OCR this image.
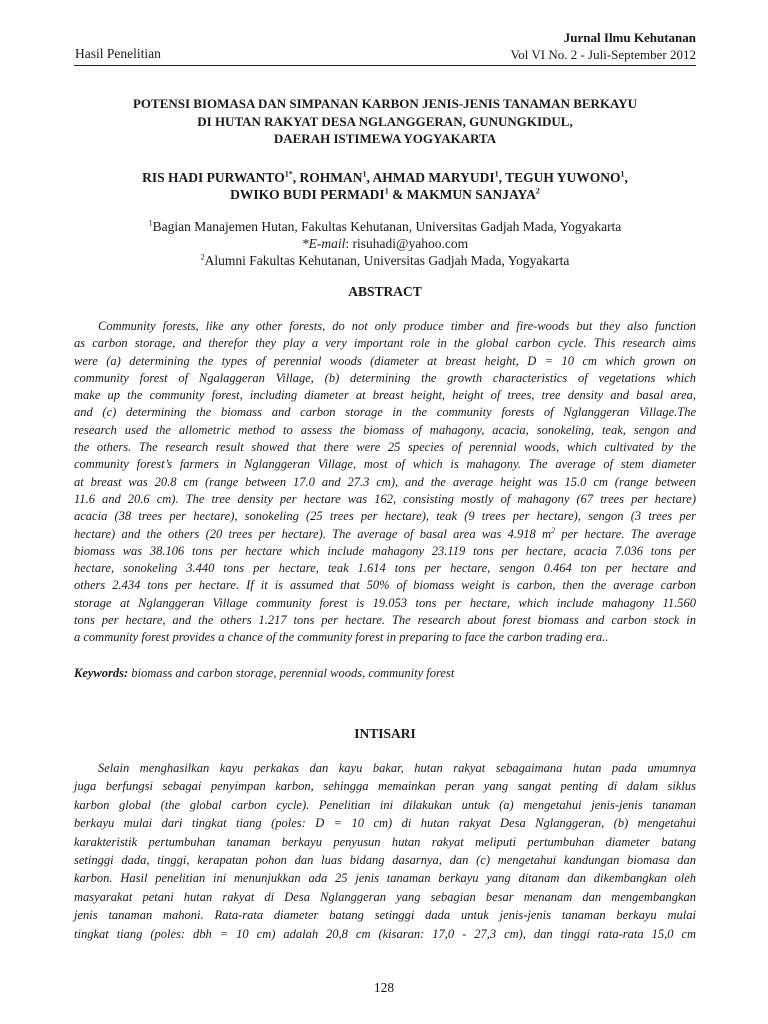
Hasil Penelitian
Jurnal Ilmu Kehutanan
Vol VI No. 2 - Juli-September 2012
POTENSI BIOMASA DAN SIMPANAN KARBON JENIS-JENIS TANAMAN BERKAYU
DI HUTAN RAKYAT DESA NGLANGGERAN, GUNUNGKIDUL,
DAERAH ISTIMEWA YOGYAKARTA
RIS HADI $PURWANTO^{1*}$, ROHMAN$^1$, AHMAD MARYUDI$^1$, TEGUH YUWONO$^1$,
DWIKO BUDI PERMADI$^1$ & MAKMUN SANJAYA$^2$
$^1$Bagian Manajemen Hutan, Fakultas Kehutanan, Universitas Gadjah Mada, Yogyakarta
*E-mail: risuhadi@yahoo.com
$^2$Alumni Fakultas Kehutanan, Universitas Gadjah Mada, Yogyakarta
ABSTRACT
Community forests, like any other forests, do not only produce timber and fire-woods but they also function
as carbon storage, and therefor they play a very important role in the global carbon cycle. This research aims
were (a) determining the types of perennial woods (diameter at breast height, D = 10 cm which grown on
community forest of Ngalaggeran Village, (b) determining the growth characteristics of vegetations which
make up the community forest, including diameter at breast height, height of trees, tree density and basal area,
and (c) determining the biomass and carbon storage in the community forests of Nglanggeran Village.The
research used the allometric method to assess the biomass of mahagony, acacia, sonokeling, teak, sengon and
the others. The research result showed that there were 25 species of perennial woods, which cultivated by the
community forest’s farmers in Nglanggeran Village, most of which is mahagony. The average of stem diameter
at breast was 20.8 cm (range between 17.0 and 27.3 cm), and the average height was 15.0 cm (range between
11.6 and 20.6 cm). The tree density per hectare was 162, consisting mostly of mahagony (67 trees per hectare)
acacia (38 trees per hectare), sonokeling (25 trees per hectare), teak (9 trees per hectare), sengon (3 trees per
hectare) and the others (20 trees per hectare). The average of basal area was 4.918 $m^2$ per hectare. The average
biomass was 38.106 tons per hectare which include mahagony 23.119 tons per hectare, acacia 7.036 tons per
hectare, sonokeling 3.440 tons per hectare, teak 1.614 tons per hectare, sengon 0.464 ton per hectare and
others 2.434 tons per hectare. If it is assumed that 50% of biomass weight is carbon, then the average carbon
storage at Nglanggeran Village community forest is 19.053 tons per hectare, which include mahagony 11.560
tons per hectare, and the others 1.217 tons per hectare. The research about forest biomass and carbon stock in
a community forest provides a chance of the community forest in preparing to face the carbon trading era..
Keywords: biomass and carbon storage, perennial woods, community forest
INTISARI
Selain menghasilkan kayu perkakas dan kayu bakar, hutan rakyat sebagaimana hutan pada umumnya
juga berfungsi sebagai penyimpan karbon, sehingga memainkan peran yang sangat penting di dalam siklus
karbon global (the global carbon cycle). Penelitian ini dilakukan untuk (a) mengetahui jenis-jenis tanaman
berkayu mulai dari tingkat tiang (poles: D = 10 cm) di hutan rakyat Desa Nglanggeran, (b) mengetahui
karakteristik pertumbuhan tanaman berkayu penyusun hutan rakyat meliputi pertumbuhan diameter batang
setinggi dada, tinggi, kerapatan pohon dan luas bidang dasarnya, dan (c) mengetahui kandungan biomasa dan
karbon. Hasil penelitian ini menunjukkan ada 25 jenis tanaman berkayu yang ditanam dan dikembangkan oleh
masyarakat petani hutan rakyat di Desa Nglanggeran yang sebagian besar menanam dan mengembangkan
jenis tanaman mahoni. Rata-rata diameter batang setinggi dada untuk jenis-jenis tanaman berkayu mulai
tingkat tiang (poles: dbh = 10 cm) adalah 20,8 cm (kisaran: 17,0 - 27,3 cm), dan tinggi rata-rata 15,0 cm
128
